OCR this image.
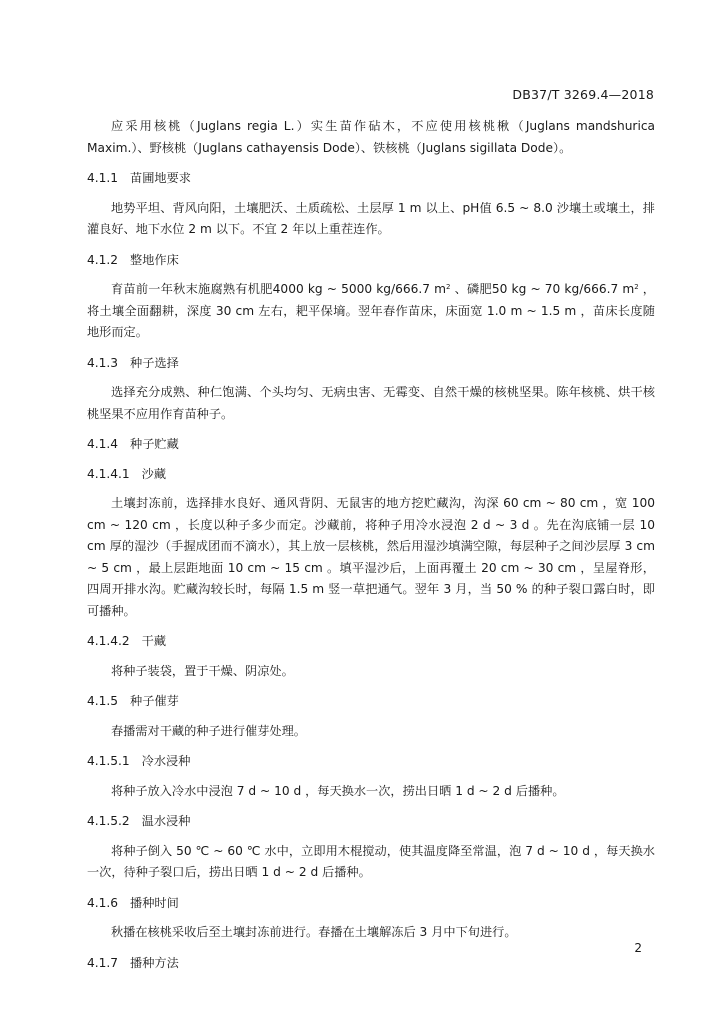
DB37/T 3269.4—2018

应采用核桃（Juglans regia L.）实生苗作砧木，不应使用核桃楸（Juglans mandshurica Maxim.）、野核桃（Juglans cathayensis Dode）、铁核桃（Juglans sigillata Dode）。

4.1.1 苗圃地要求

地势平坦、背风向阳，土壤肥沃、土质疏松、土层厚 1 m 以上、pH值 6.5 ~ 8.0 沙壤土或壤土，排灌良好、地下水位 2 m 以下。不宜 2 年以上重茬连作。

4.1.2 整地作床

育苗前一年秋末施腐熟有机肥4000 kg ~ 5000 kg/666.7 $m^2$ 、磷肥50 kg ~ 70 kg/666.7 $m^2$ ，将土壤全面翻耕，深度 30 cm 左右，耙平保墒。翌年春作苗床，床面宽 1.0 m ~ 1.5 m ，苗床长度随地形而定。

4.1.3 种子选择

选择充分成熟、种仁饱满、个头均匀、无病虫害、无霉变、自然干燥的核桃坚果。陈年核桃、烘干核桃坚果不应用作育苗种子。

4.1.4 种子贮藏
4.1.4.1 沙藏

土壤封冻前，选择排水良好、通风背阴、无鼠害的地方挖贮藏沟，沟深 60 cm ~ 80 cm ，宽 100 cm ~ 120 cm ，长度以种子多少而定。沙藏前，将种子用冷水浸泡 2 d ~ 3 d 。先在沟底铺一层 10 cm 厚的湿沙（手握成团而不滴水），其上放一层核桃，然后用湿沙填满空隙，每层种子之间沙层厚 3 cm ~ 5 cm ，最上层距地面 10 cm ~ 15 cm 。填平湿沙后，上面再覆土 20 cm ~ 30 cm ，呈屋脊形，四周开排水沟。贮藏沟较长时，每隔 1.5 m 竖一草把通气。翌年 3 月，当 50 % 的种子裂口露白时，即可播种。

4.1.4.2 干藏

将种子装袋，置于干燥、阴凉处。

4.1.5 种子催芽

春播需对干藏的种子进行催芽处理。

4.1.5.1 冷水浸种

将种子放入冷水中浸泡 7 d ~ 10 d ，每天换水一次，捞出日晒 1 d ~ 2 d 后播种。

4.1.5.2 温水浸种

将种子倒入 50 ℃ ~ 60 ℃ 水中，立即用木棍搅动，使其温度降至常温，泡 7 d ~ 10 d ，每天换水一次，待种子裂口后，捞出日晒 1 d ~ 2 d 后播种。

4.1.6 播种时间

秋播在核桃采收后至土壤封冻前进行。春播在土壤解冻后 3 月中下旬进行。

4.1.7 播种方法
2
